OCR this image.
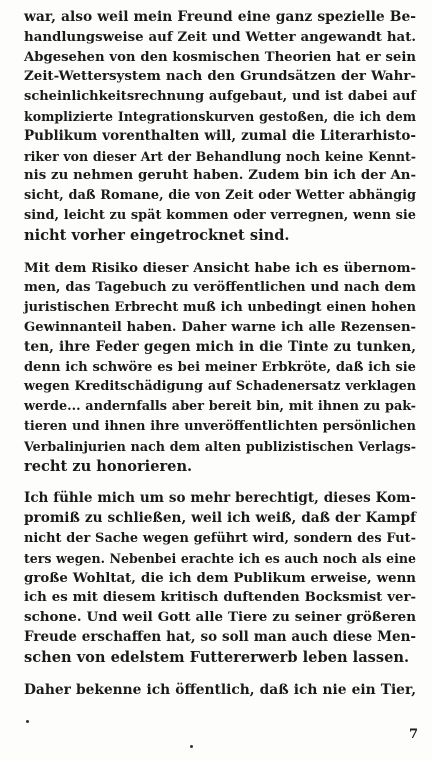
war, also weil mein Freund eine ganz spezielle Be-
handlungsweise auf Zeit und Wetter angewandt hat.
Abgesehen von den kosmischen Theorien hat er sein
Zeit-Wettersystem nach den Grundsätzen der Wahr-
scheinlichkeitsrechnung aufgebaut, und ist dabei auf
komplizierte Integrationskurven gestoßen, die ich dem
Publikum vorenthalten will, zumal die Literarhisto-
riker von dieser Art der Behandlung noch keine Kennt-
nis zu nehmen geruht haben. Zudem bin ich der An-
sicht, daß Romane, die von Zeit oder Wetter abhängig
sind, leicht zu spät kommen oder verregnen, wenn sie
nicht vorher eingetrocknet sind.

Mit dem Risiko dieser Ansicht habe ich es übernom-
men, das Tagebuch zu veröffentlichen und nach dem
juristischen Erbrecht muß ich unbedingt einen hohen
Gewinnanteil haben. Daher warne ich alle Rezensen-
ten, ihre Feder gegen mich in die Tinte zu tunken,
denn ich schwöre es bei meiner Erbkröte, daß ich sie
wegen Kreditschädigung auf Schadenersatz verklagen
werde... andernfalls aber bereit bin, mit ihnen zu pak-
tieren und ihnen ihre unveröffentlichten persönlichen
Verbalinjurien nach dem alten publizistischen Verlags-
recht zu honorieren.

Ich fühle mich um so mehr berechtigt, dieses Kom-
promiß zu schließen, weil ich weiß, daß der Kampf
nicht der Sache wegen geführt wird, sondern des Fut-
ters wegen. Nebenbei erachte ich es auch noch als eine
große Wohltat, die ich dem Publikum erweise, wenn
ich es mit diesem kritisch duftenden Bocksmist ver-
schone. Und weil Gott alle Tiere zu seiner größeren
Freude erschaffen hat, so soll man auch diese Men-
schen von edelstem Futtererwerb leben lassen.

Daher bekenne ich öffentlich, daß ich nie ein Tier,

7
